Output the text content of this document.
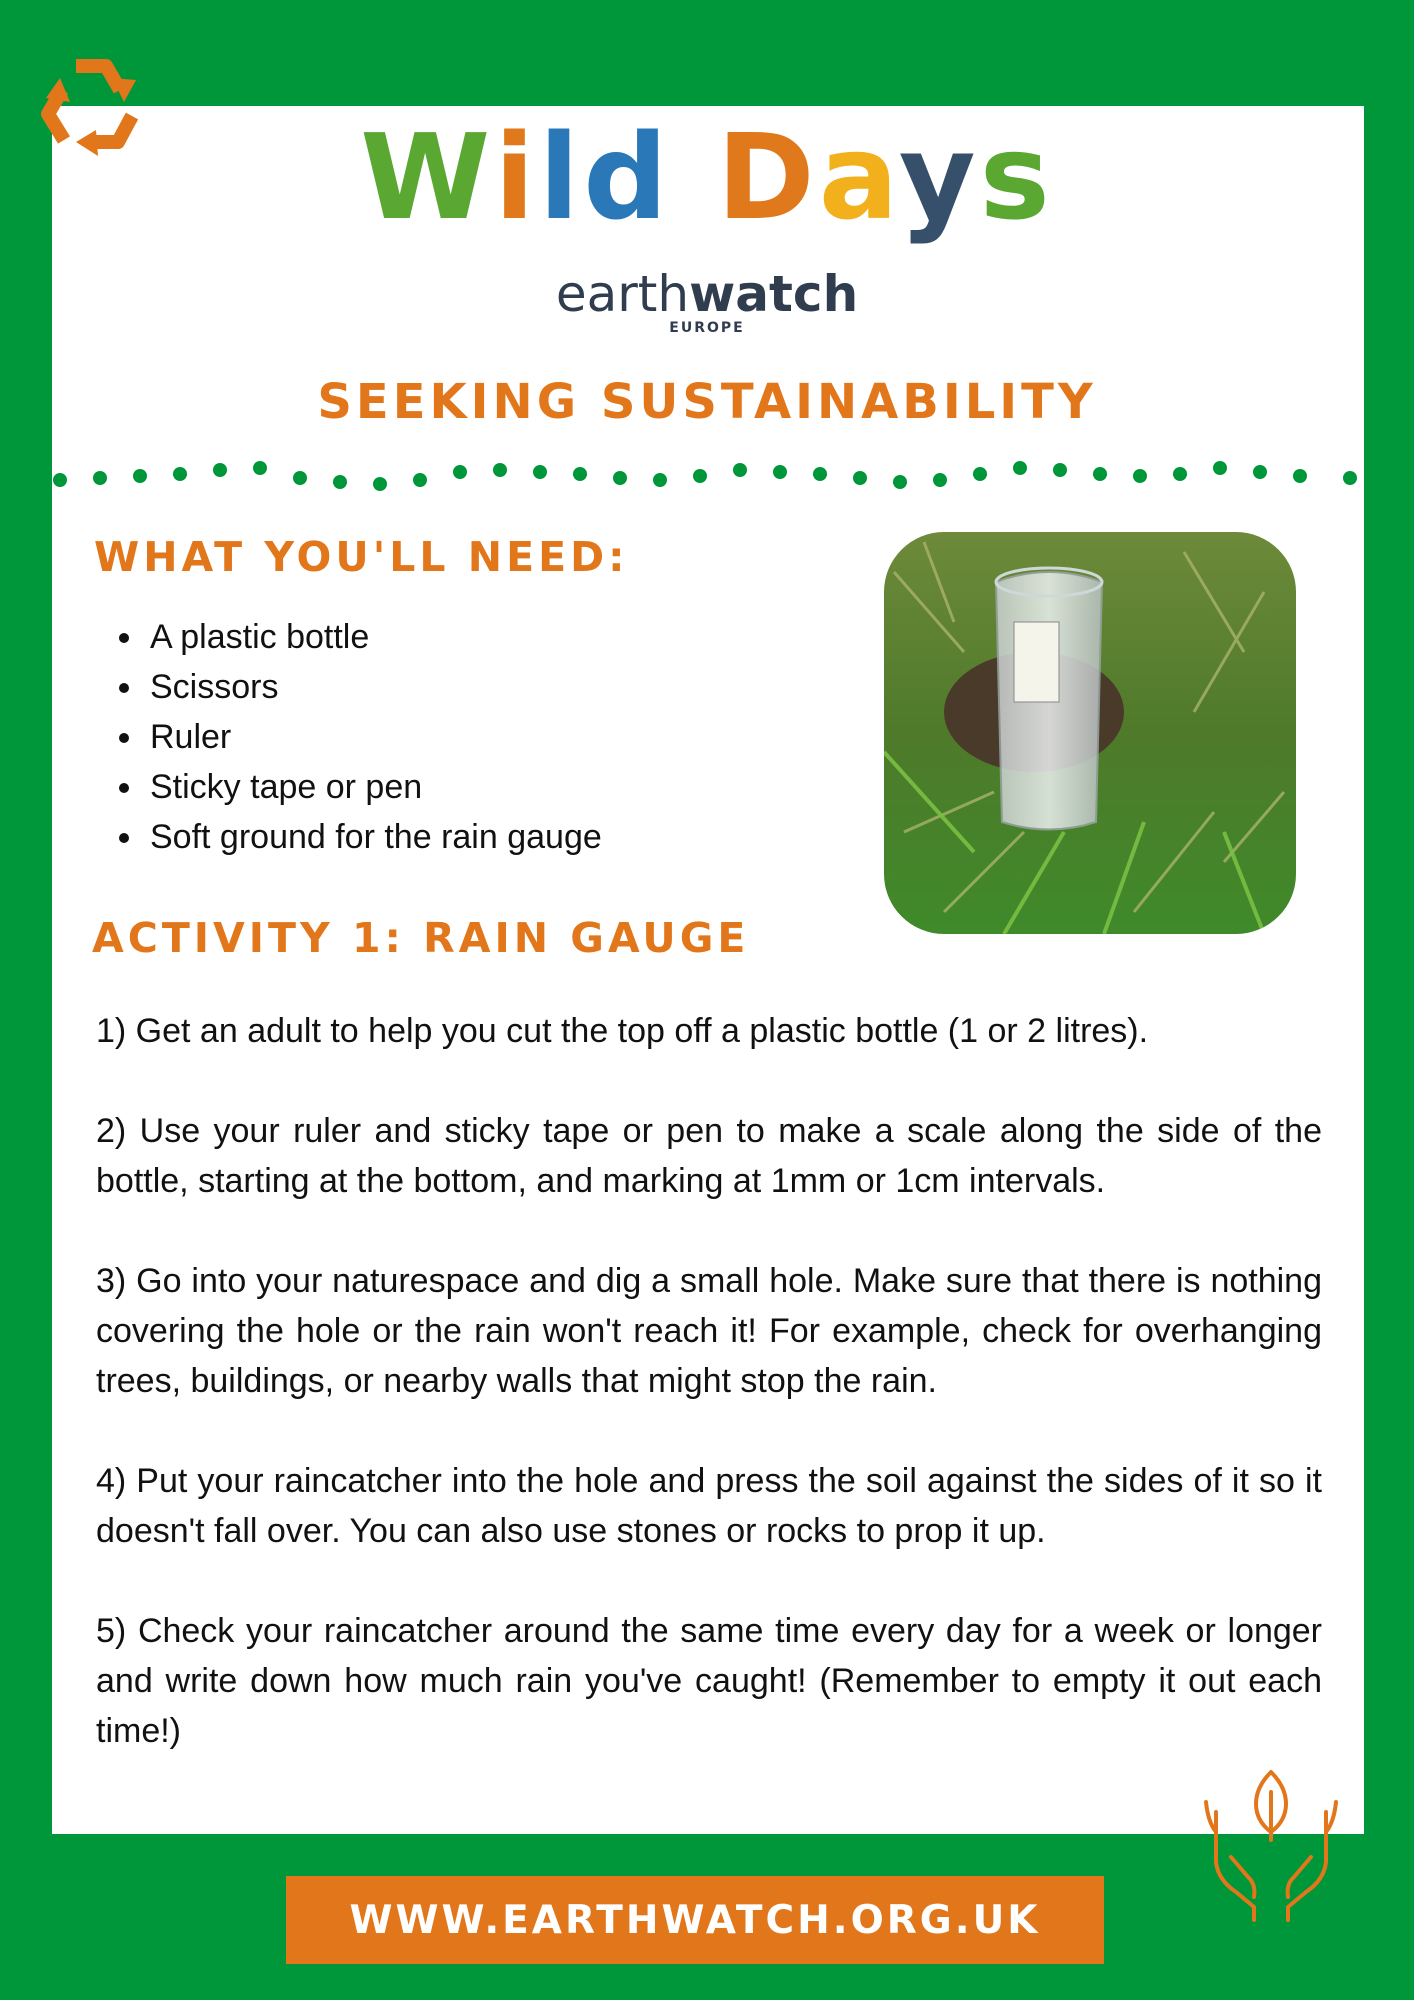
Wild Days
earthwatch
EUROPE
SEEKING SUSTAINABILITY
WHAT YOU'LL NEED:
• A plastic bottle
• Scissors
• Ruler
• Sticky tape or pen
• Soft ground for the rain gauge
ACTIVITY 1: RAIN GAUGE

1) Get an adult to help you cut the top off a plastic bottle (1 or 2 litres).

2) Use your ruler and sticky tape or pen to make a scale along the side of the bottle, starting at the bottom, and marking at 1mm or 1cm intervals.

3) Go into your naturespace and dig a small hole. Make sure that there is nothing covering the hole or the rain won't reach it! For example, check for overhanging trees, buildings, or nearby walls that might stop the rain.

4) Put your raincatcher into the hole and press the soil against the sides of it so it doesn't fall over. You can also use stones or rocks to prop it up.

5) Check your raincatcher around the same time every day for a week or longer and write down how much rain you've caught! (Remember to empty it out each time!)

WWW.EARTHWATCH.ORG.UK
